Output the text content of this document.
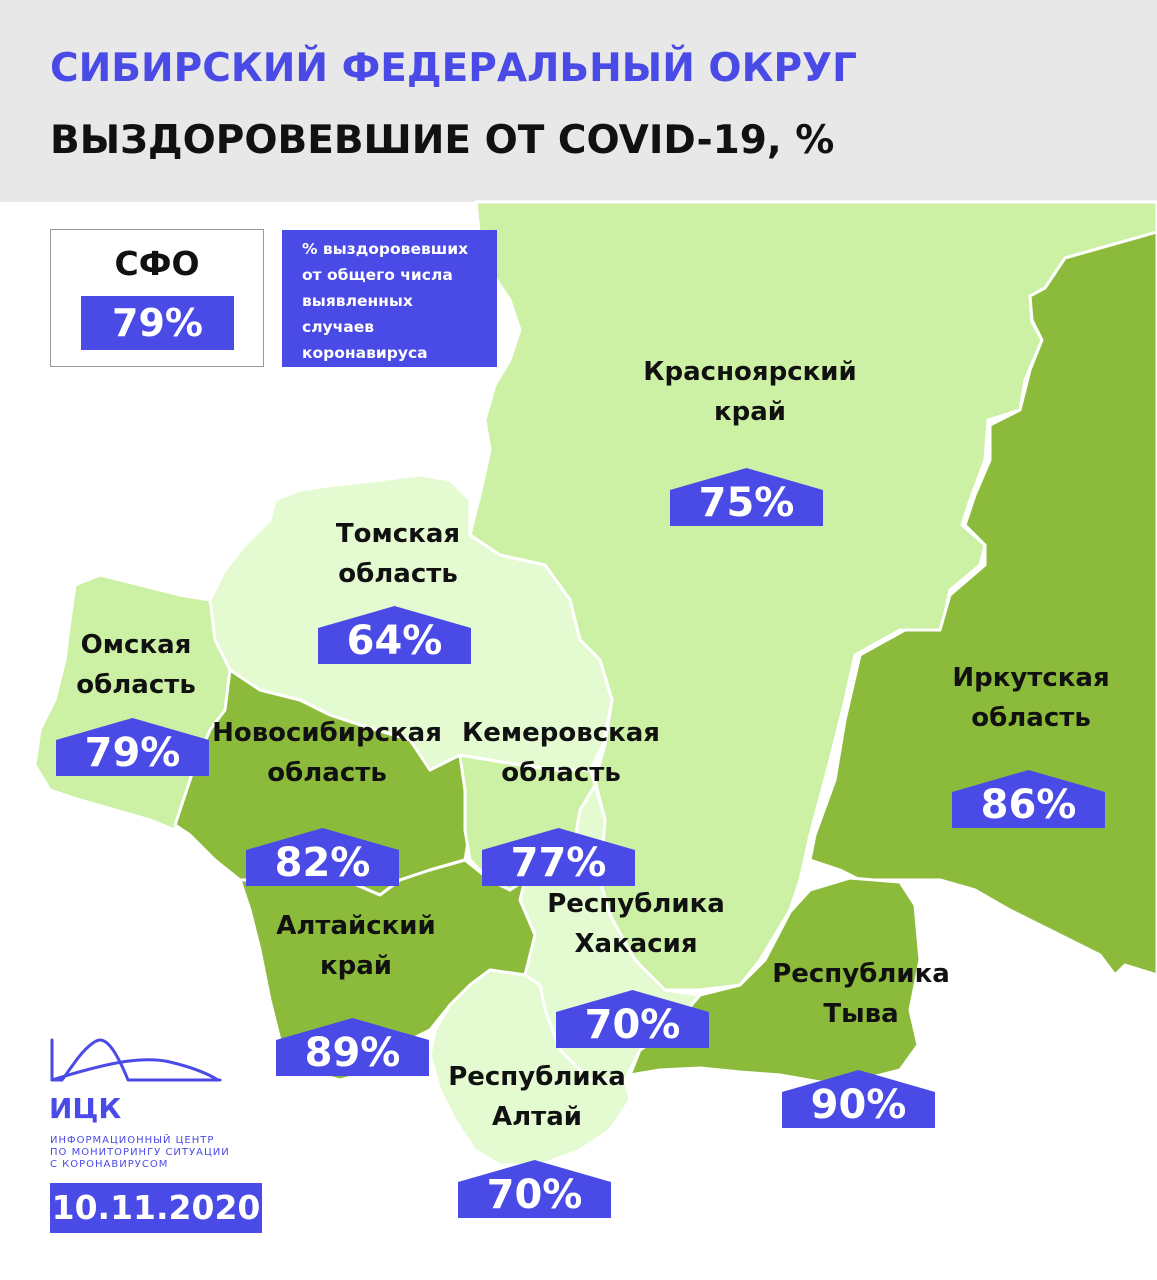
СИБИРСКИЙ ФЕДЕРАЛЬНЫЙ ОКРУГ
ВЫЗДОРОВЕВШИЕ ОТ COVID-19, %
75%
64%
79%
82%	77%
86%
89%
70%
90%
70%
СФО
79%
% выздоровевших
от общего числа
выявленных
случаев
коронавируса
Красноярский
край
Томская
область
Омская
область
Новосибирская
область
Кемеровская
область
Иркутская
область
Алтайский
край
Республика
Хакасия
Республика
Тыва
Республика
Алтай
ИЦК
ИНФОРМАЦИОННЫЙ ЦЕНТР
ПО МОНИТОРИНГУ СИТУАЦИИ
С КОРОНАВИРУСОМ
10.11.2020
